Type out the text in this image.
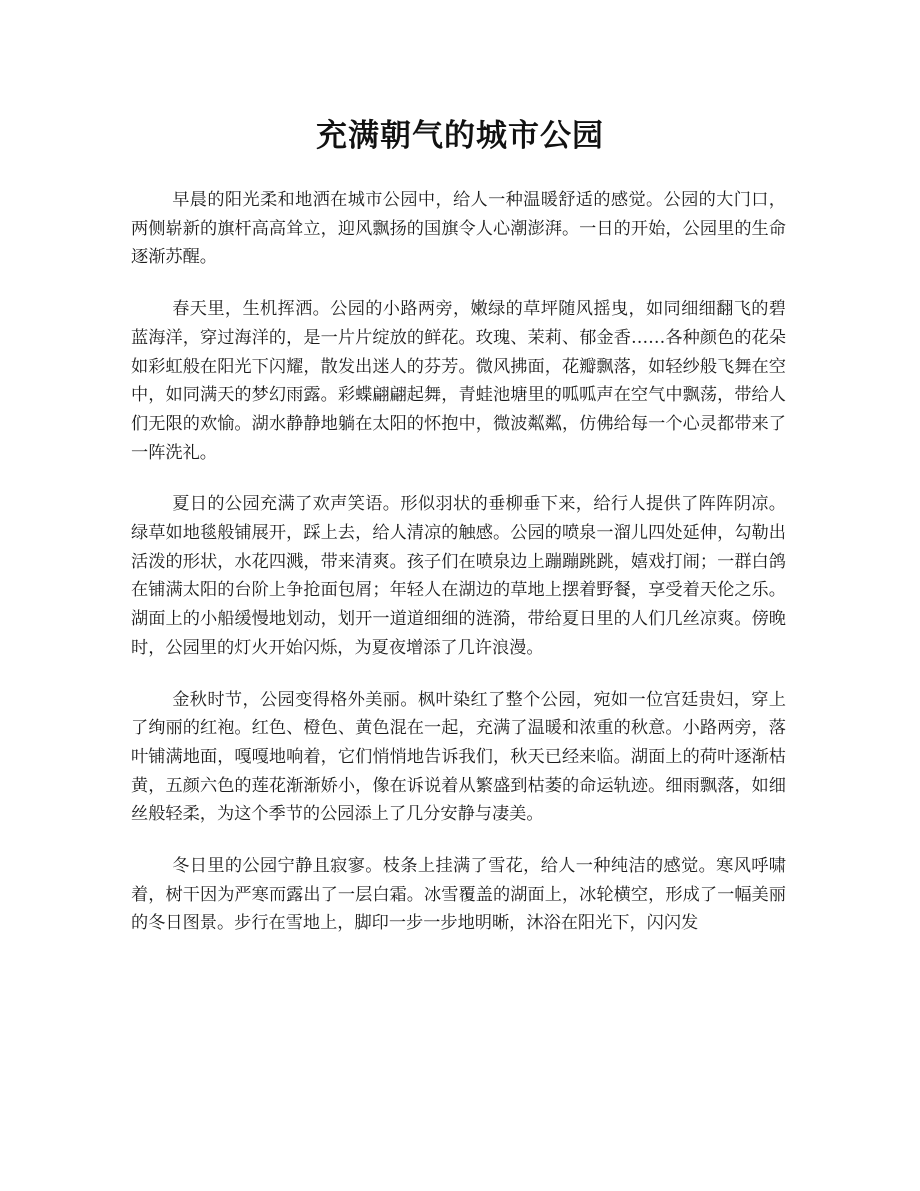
充满朝气的城市公园

早晨的阳光柔和地洒在城市公园中，给人一种温暖舒适的感觉。公园的大门口，两侧崭新的旗杆高高耸立，迎风飘扬的国旗令人心潮澎湃。一日的开始，公园里的生命逐渐苏醒。

春天里，生机挥洒。公园的小路两旁，嫩绿的草坪随风摇曳，如同细细翻飞的碧蓝海洋，穿过海洋的，是一片片绽放的鲜花。玫瑰、茉莉、郁金香……各种颜色的花朵如彩虹般在阳光下闪耀，散发出迷人的芬芳。微风拂面，花瓣飘落，如轻纱般飞舞在空中，如同满天的梦幻雨露。彩蝶翩翩起舞，青蛙池塘里的呱呱声在空气中飘荡，带给人们无限的欢愉。湖水静静地躺在太阳的怀抱中，微波粼粼，仿佛给每一个心灵都带来了一阵洗礼。

夏日的公园充满了欢声笑语。形似羽状的垂柳垂下来，给行人提供了阵阵阴凉。绿草如地毯般铺展开，踩上去，给人清凉的触感。公园的喷泉一溜儿四处延伸，勾勒出活泼的形状，水花四溅，带来清爽。孩子们在喷泉边上蹦蹦跳跳，嬉戏打闹；一群白鸽在铺满太阳的台阶上争抢面包屑；年轻人在湖边的草地上摆着野餐，享受着天伦之乐。湖面上的小船缓慢地划动，划开一道道细细的涟漪，带给夏日里的人们几丝凉爽。傍晚时，公园里的灯火开始闪烁，为夏夜增添了几许浪漫。

金秋时节，公园变得格外美丽。枫叶染红了整个公园，宛如一位宫廷贵妇，穿上了绚丽的红袍。红色、橙色、黄色混在一起，充满了温暖和浓重的秋意。小路两旁，落叶铺满地面，嘎嘎地响着，它们悄悄地告诉我们，秋天已经来临。湖面上的荷叶逐渐枯黄，五颜六色的莲花渐渐娇小，像在诉说着从繁盛到枯萎的命运轨迹。细雨飘落，如细丝般轻柔，为这个季节的公园添上了几分安静与凄美。

冬日里的公园宁静且寂寥。枝条上挂满了雪花，给人一种纯洁的感觉。寒风呼啸着，树干因为严寒而露出了一层白霜。冰雪覆盖的湖面上，冰轮横空，形成了一幅美丽的冬日图景。步行在雪地上，脚印一步一步地明晰，沐浴在阳光下，闪闪发
